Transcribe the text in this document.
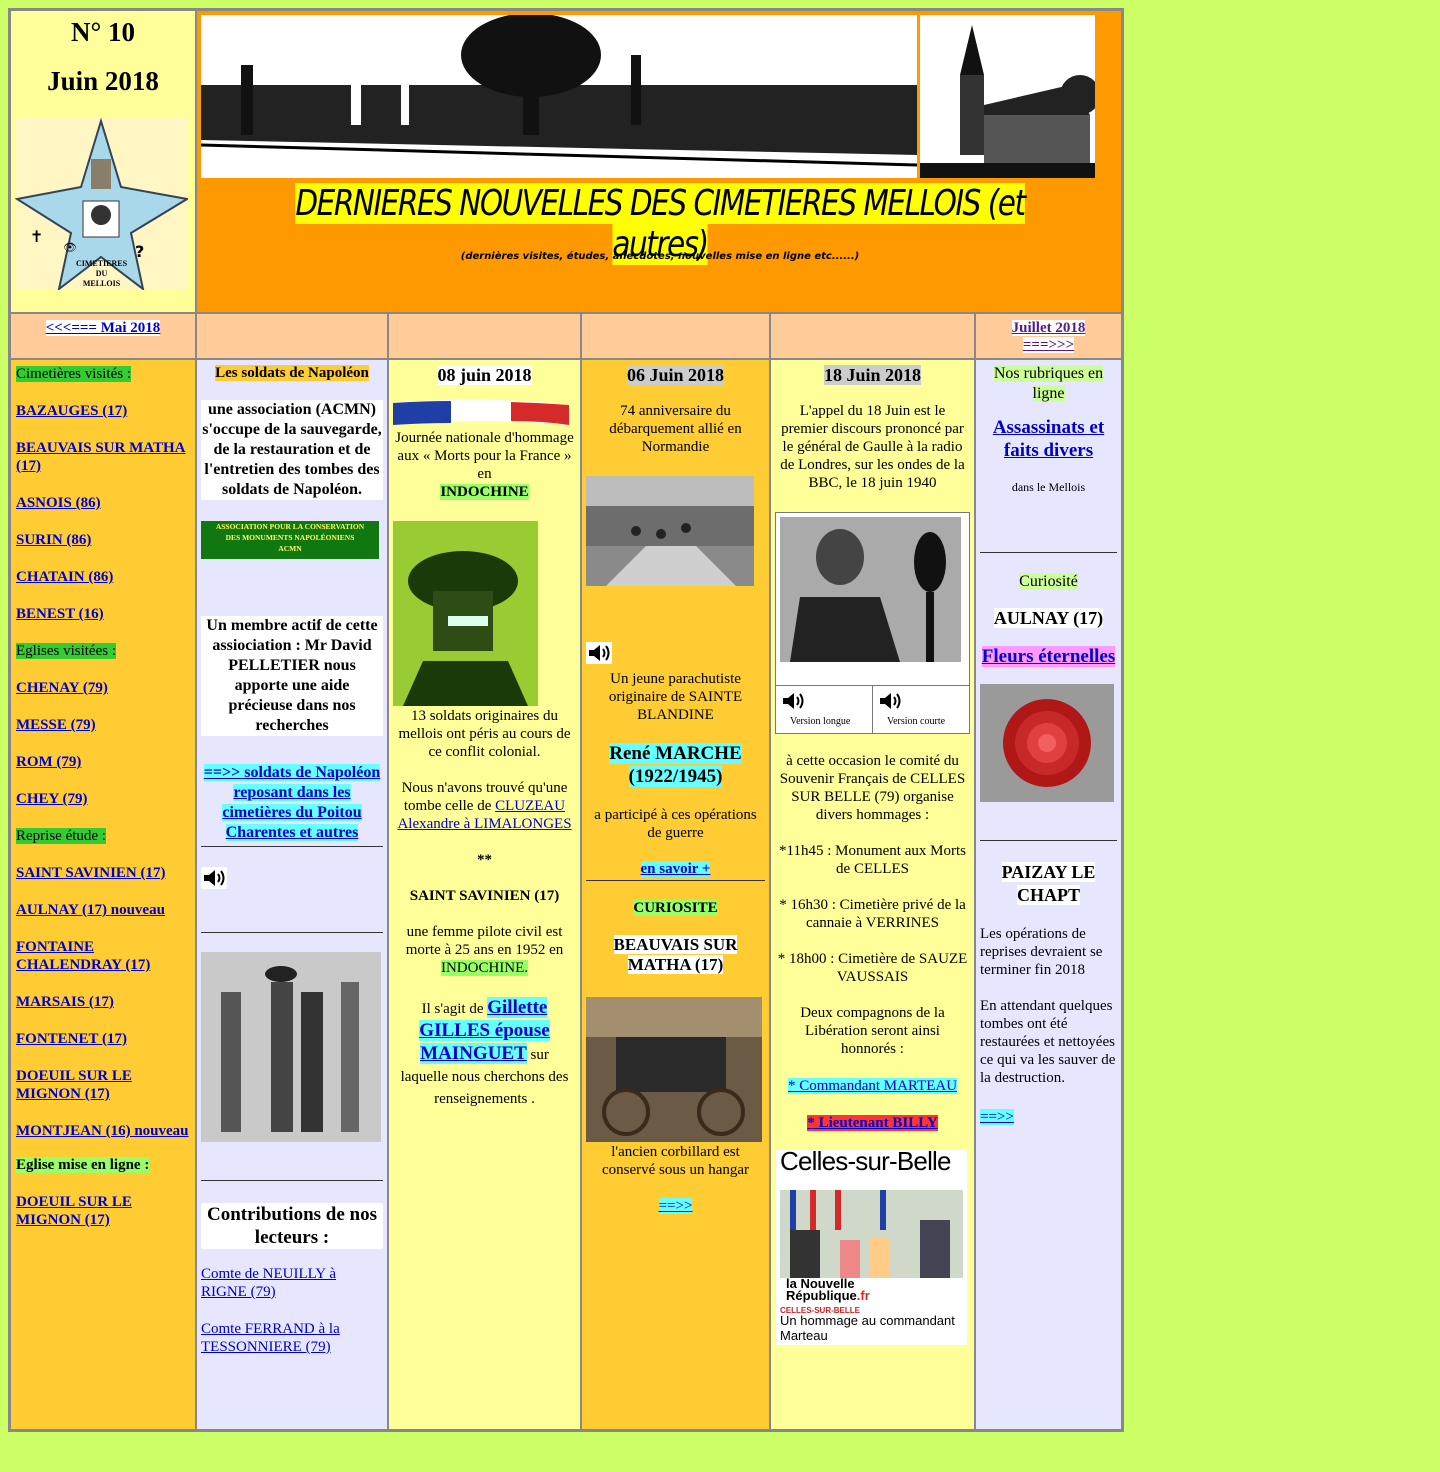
N° 10
Juin 2018
✝
?
👁
CIMETIERES
DU
MELLOIS
DERNIERES NOUVELLES DES CIMETIERES MELLOIS (et autres)
(dernières visites, études, anecdotes, nouvelles mise en ligne etc......)
<<<=== Mai 2018	Juillet 2018
===>>>

Cimetières visités :

BAZAUGES (17)

BEAUVAIS SUR MATHA (17)

ASNOIS (86)

SURIN (86)

CHATAIN (86)

BENEST (16)

Eglises visitées :

CHENAY (79)

MESSE (79)

ROM (79)

CHEY (79)

Reprise étude :

SAINT SAVINIEN (17)

AULNAY (17) nouveau

FONTAINE CHALENDRAY (17)

MARSAIS (17)

FONTENET (17)

DOEUIL SUR LE MIGNON (17)

MONTJEAN (16) nouveau

Eglise mise en ligne :

DOEUIL SUR LE MIGNON (17)

Les soldats de Napoléon
une association (ACMN) s'occupe de la sauvegarde, de la restauration et de l'entretien des tombes des soldats de Napoléon.
ASSOCIATION POUR LA CONSERVATION
DES MONUMENTS NAPOLÉONIENS
ACMN
Un membre actif de cette assiociation : Mr David PELLETIER nous apporte une aide précieuse dans nos recherches
==>> soldats de Napoléon reposant dans les cimetières du Poitou Charentes et autres
Contributions de nos lecteurs :
Comte de NEUILLY à RIGNE (79)
Comte FERRAND à la TESSONNIERE (79)
08 juin 2018
Journée nationale d'hommage aux « Morts pour la France » en
INDOCHINE
13 soldats originaires du mellois ont péris au cours de ce conflit colonial.
Nous n'avons trouvé qu'une tombe celle de CLUZEAU Alexandre à LIMALONGES
**
SAINT SAVINIEN (17)
une femme pilote civil est morte à 25 ans en 1952 en INDOCHINE.
Il s'agit de Gillette GILLES épouse MAINGUET sur laquelle nous cherchons des renseignements .
06 Juin 2018
74 anniversaire du débarquement allié en Normandie
Un jeune parachutiste originaire de SAINTE BLANDINE
René MARCHE (1922/1945)
a participé à ces opérations de guerre
en savoir +
CURIOSITE
BEAUVAIS SUR MATHA (17)
l'ancien corbillard est conservé sous un hangar
==>>
18 Juin 2018
L'appel du 18 Juin est le premier discours prononcé par le général de Gaulle à la radio de Londres, sur les ondes de la BBC, le 18 juin 1940
Version longue	Version courte
à cette occasion le comité du Souvenir Français de CELLES SUR BELLE (79) organise divers hommages :
*11h45 : Monument aux Morts de CELLES
* 16h30 : Cimetière privé de la cannaie à VERRINES
* 18h00 : Cimetière de SAUZE VAUSSAIS
Deux compagnons de la Libération seront ainsi honnorés :
* Commandant MARTEAU
* Lieutenant BILLY
Celles-sur-Belle
la Nouvelle
République.fr
CELLES-SUR-BELLE
Un hommage au commandant Marteau
Nos rubriques en ligne
Assassinats et faits divers
dans le Mellois
Curiosité
AULNAY (17)
Fleurs éternelles
PAIZAY LE CHAPT
Les opérations de reprises devraient se terminer fin 2018
En attendant quelques tombes ont été restaurées et nettoyées ce qui va les sauver de la destruction.
==>>
